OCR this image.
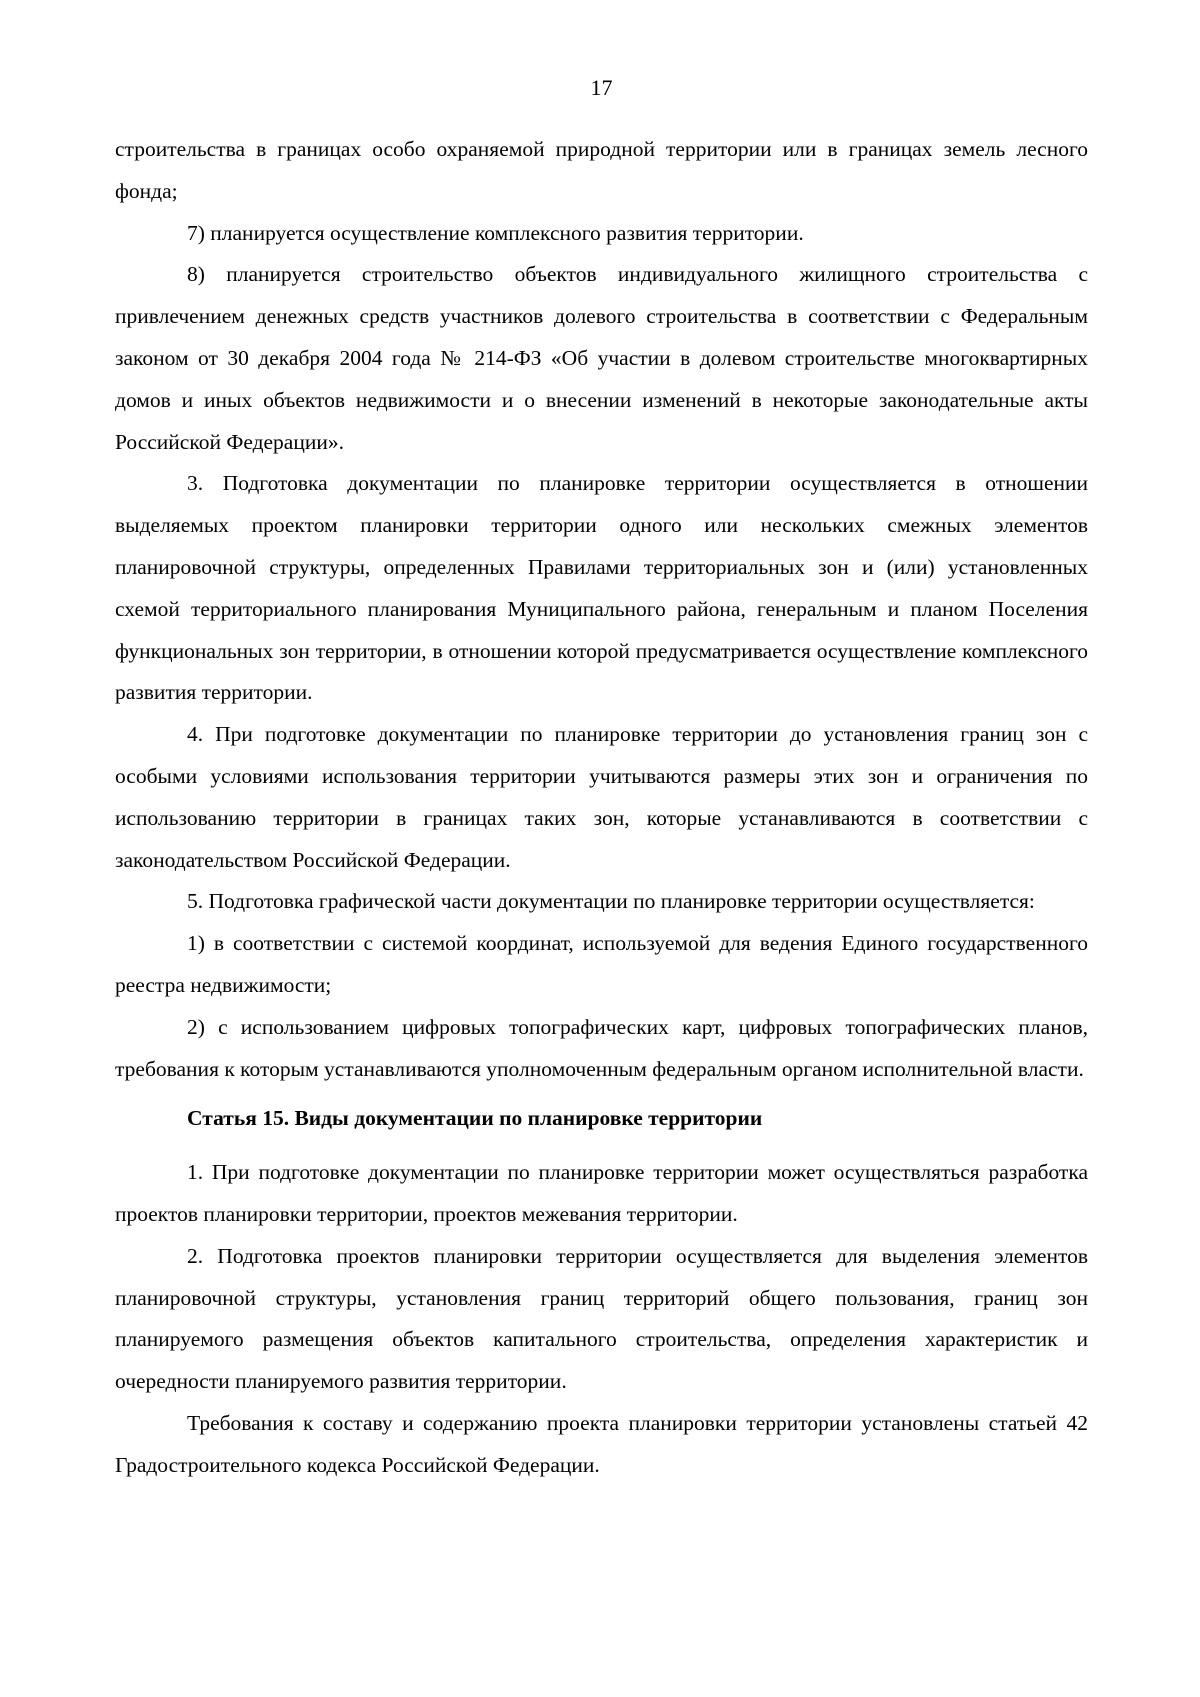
17

строительства в границах особо охраняемой природной территории или в границах земель лесного фонда;

7) планируется осуществление комплексного развития территории.

8) планируется строительство объектов индивидуального жилищного строительства с привлечением денежных средств участников долевого строительства в соответствии с Федеральным законом от 30 декабря 2004 года № 214-ФЗ «Об участии в долевом строительстве многоквартирных домов и иных объектов недвижимости и о внесении изменений в некоторые законодательные акты Российской Федерации».

3. Подготовка документации по планировке территории осуществляется в отношении выделяемых проектом планировки территории одного или нескольких смежных элементов планировочной структуры, определенных Правилами территориальных зон и (или) установленных схемой территориального планирования Муниципального района, генеральным и планом Поселения функциональных зон территории, в отношении которой предусматривается осуществление комплексного развития территории.

4. При подготовке документации по планировке территории до установления границ зон с особыми условиями использования территории учитываются размеры этих зон и ограничения по использованию территории в границах таких зон, которые устанавливаются в соответствии с законодательством Российской Федерации.

5. Подготовка графической части документации по планировке территории осуществляется:

1) в соответствии с системой координат, используемой для ведения Единого государственного реестра недвижимости;

2) с использованием цифровых топографических карт, цифровых топографических планов, требования к которым устанавливаются уполномоченным федеральным органом исполнительной власти.

Статья 15. Виды документации по планировке территории

1. При подготовке документации по планировке территории может осуществляться разработка проектов планировки территории, проектов межевания территории.

2. Подготовка проектов планировки территории осуществляется для выделения элементов планировочной структуры, установления границ территорий общего пользования, границ зон планируемого размещения объектов капитального строительства, определения характеристик и очередности планируемого развития территории.

Требования к составу и содержанию проекта планировки территории установлены статьей 42 Градостроительного кодекса Российской Федерации.
